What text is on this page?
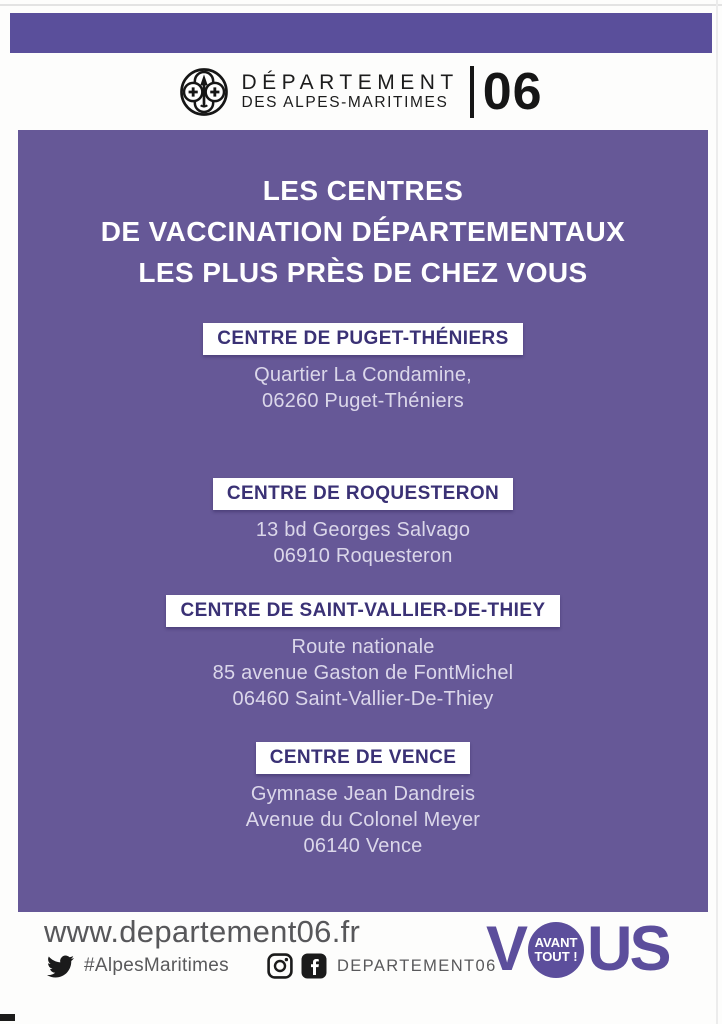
DÉPARTEMENT
DES ALPES-MARITIMES 06
LES CENTRES
DE VACCINATION DÉPARTEMENTAUX
LES PLUS PRÈS DE CHEZ VOUS
CENTRE DE PUGET-THÉNIERS

Quartier La Condamine,
06260 Puget-Théniers

CENTRE DE ROQUESTERON

13 bd Georges Salvago
06910 Roquesteron

CENTRE DE SAINT-VALLIER-DE-THIEY

Route nationale
85 avenue Gaston de FontMichel
06460 Saint-Vallier-De-Thiey

CENTRE DE VENCE

Gymnase Jean Dandreis
Avenue du Colonel Meyer
06140 Vence

www.departement06.fr
#AlpesMaritimes	DEPARTEMENT06
V AVANT
TOUT ! US
